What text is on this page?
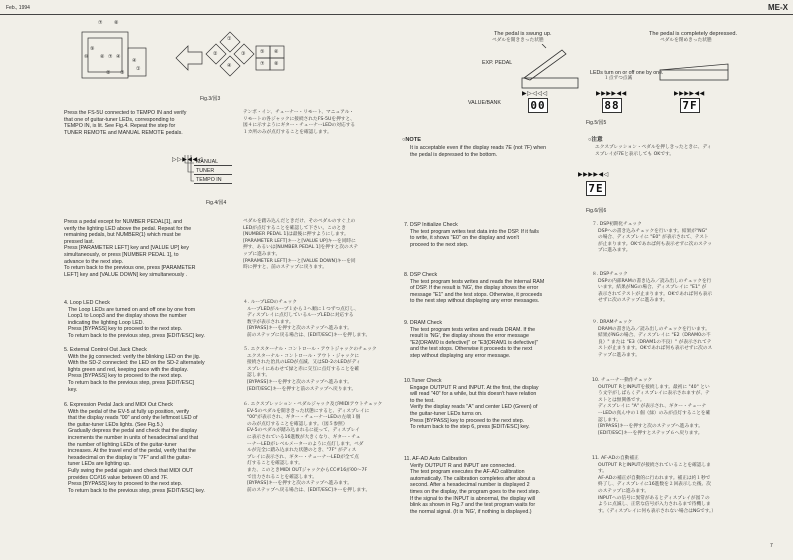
Feb., 1994	ME-X
⑦ ⑧
⑨
⑩ ⑥ ⑦ ④
② ③
④
①
①
②	③
④
⑤ ⑥
⑦ ⑧
Fig.3/図3
Press the FS-5U connected to TEMPO IN and verify
that one of guitar-tuner LEDs, corresponding to
TEMPO IN, is lit. See Fig.4. Repeat the step for
TUNER REMOTE and MANUAL REMOTE pedals.
テンポ・イン、チューナー・リモート、マニュアル・
リモートの各ジャックに接続されたFS-5Uを押すと、
図４に示すようにギター・チューナーLEDの対応する
１カ所のみが点灯することを確認します。
▷▷▶◀◀◁
MANUAL
TUNER
TEMPO IN
Fig.4/図4
The pedal is swung up.
ペダルを開ききった状態
The pedal is completely depressed.
ペダルを閉めきった状態
EXP. PEDAL
LEDs turn on or off one by one.
１点ずつ点滅
▶▷◁◁◁	▶▶▶▶◀◀	▶▶▶▶◀◀
VALUE/BANK	00	88	7F
Fig.5/図5
○NOTE
It is acceptable even if the display reads 7E (not 7F) when
the pedal is depressed to the bottom.
○注意
エクスプレッション・ペダルを押しきったときに、ディ
スプレイが7Eと表示しても OKです。
▶▶▶▶◀◁
7E
Fig.6/図6
Press a pedal except for NUMBER PEDAL[1], and
verify the lighting LED above the pedal. Repeat for the
remaining pedals, but NUMBER(1) which must be
pressed last.
Press [PARAMETER LEFT] key and [VALUE UP] key
simultaneously, or press [NUMBER PEDAL 1], to
advance to the next step.
To return back to the previous one, press [PARAMETER
LEFT] key and [VALUE DOWN] key simultaneously .
ペダルを踏み込んだときだけ、そのペダルのすぐ上の
LEDが点灯することを確認して下さい。このとき
[NUMBER PEDAL 1]は最後に押すようにします。
[PARAMETER LEFT]キーと[VALUE UP]キーを同時に
押す、あるいは[NUMBER PEDAL 1]を押すと次のステ
ップに進みます。
[PARAMETER LEFT]キーと[VALUE DOWN]キーを同
時に押すと、前のステップに戻ります。
4. Loop LED Check
The Loop LEDs are turned on and off one by one from
Loop1 to Loop3 and the display shows the number
indicating the lighting Loop LED.
Press [BYPASS] key to proceed to the next step.
To return back to the previous step, press [EDIT/ESC] key.
４. ループLEDのチェック
ループLEDがループ１から３へ順に１つずつ点灯し、
ディスプレイに点灯しているループLEDに対応する
数字が表示されます。
[BYPASS]キーを押すと次のステップへ進みます。
前のステップに戻る場合は、[EDIT/ESC]キーを押します。
5. External Control Out Jack Check
With the jig connected: verify the blinking LED on the jig.
With the SD-2 connected: the LED on the SD-2 alternately
lights green and red, keeping pace with the display.
Press [BYPASS] key to proceed to the next step.
To return back to the previous step, press [EDIT/ESC]
key.
５. エクスターナル・コントロール・アウトジャックのチェック
エクスターナル・コントロール・アウト・ジャックに
接続された治具のLEDが点滅、又はSD-2のLEDがディ
スプレイにあわせて緑と赤に交互に点灯することを確
認します。
[BYPASS]キーを押すと次のステップへ進みます。
[EDIT/ESC]キーを押すと前のステップへ戻ります。
6. Expression Pedal Jack and MIDI Out Check
With the pedal of the EV-5 at fully up position, verify
that the display reads "00" and only the leftmost LED of
the guitar-tuner LEDs lights. (See Fig.5.)
Gradually depress the pedal and check that the display
increments the number in units of hexadecimal and that
the number of lighting LEDs of the guitar-tuner
increases. At the travel end of the pedal, verify that the
hexadecimal on the display is "7F" and all the guitar-
tuner LEDs are lighting up.
Fully swing the pedal again and check that MIDI OUT
provides CC#16 value between 00 and 7F.
Press [BYPASS] key to proceed to the next step.
To return back to the previous step, press [EDIT/ESC] key.
６. エクスプレッション・ペダルジャック及びMIDIアウトチェック
EV-5のペダルを開ききった状態にすると、ディスプレイに
"00"が表示され、ギター・チューナーLEDの左端１個
のみが点灯することを確認します。（図５参照）
EV-5のペダルが踏み込まれるに従って、ディスプレイ
に表示されている16進数が大きくなり、ギター・チュ
ーナーLEDがレベルメーターのように点灯します。ペダ
ルが完全に踏み込まれた状態のとき、"7F" がディス
プレイに表示され、ギター・チューナーLEDが全て点
灯することを確認します。
また、このときMIDI OUTジャックからCC#16が00〜7F
で出力されることを確認します。
[BYPASS]キーを押すと次のステップへ進みます。
前のステップへ戻る場合は、[EDIT/ESC]キーを押します。
7. DSP Initialize Check
The test program writes test data into the DSP. If it fails
to write, it shows "E0" on the display and won't
proceed to the next step.
７. DSP初期化チェック
DSPへの書き込みチェックを行います。結果が"NG"
の場合、ディスプレイに "E0" が表示されて、テスト
が止まります。OKであれば何も表示せずに次のステッ
プに進みます。
8. DSP Check
The test program tests writes and reads the internal RAM
of DSP. If the result is 'NG', the display shows the error
message "E1" and the test stops. Otherwise, it proceeds
to the next step without displaying any error messages.
８. DSPチェック
DSPの内部RAMの書き込み／読み出しのチェックを行
います。結果がNGの場合、ディスプレイに "E1" が
表示されてテストが止まります。OKであれば何も表示
せずに次のステップに進みます。
9. DRAM Check
The test program tests writes and reads DRAM. If the
result is 'NG', the display shows the error message
"E2(DRAM0 is defective)" or "E3(DRAM1 is defective)"
and the test stops. Otherwise it proceeds to the next
step without displaying any error message.
９. DRAMチェック
DRAMの書き込み／読み出しのチェックを行います。
結果がNGの場合、ディスプレイに "E2（DRAM0の不
良）" または "E3（DRAM1の不良）" が表示されてテ
ストが止まります。OKであれば何も表示せずに次のス
テップに進みます。
10.Tuner Check
Engage OUTPUT R and INPUT. At the first, the display
will read "40" for a while, but this doesn't have relation
to the test.
Verify the display reads "A" and center LED (Green) of
the guitar-tuner LEDs turns on.
Press [BYPASS] key to proceed to the next step.
To return back to the step 6, press [EDIT/ESC] key.
10. チューナー動作チェック
OUTPUT RとINPUTを接続します。最初に "40" とい
う文字がしばらくディスプレイに表示されますが、テ
ストとは無関係です。
ディスプレイに "A" が表示され、ギター・チューナ
ーLEDの真ん中の１個（緑）のみが点灯することを確
認します。
[BYPASS]キーを押すと次のステップへ進みます。
[EDIT/ESC]キーを押すとステップ６へ戻ります。
11. AF-AD Auto Calibration
Verify OUTPUT R and INPUT are connected.
The test program executes the AF-AD calibration
automatically. The calibration completes after about a
second. After a hexadecimal number is displayed 2
times on the display, the program goes to the next step.
If the signal to the INPUT is abnormal, the display will
blink as shown in Fig.7 and the test program waits for
the normal signal. (It is 'NG', if nothing is displayed.)
11. AF-ADの自動補正
OUTPUT RとINPUTが接続されていることを確認しま
す。
AF-ADの補正が自動的に行われます。補正は約１秒で
終了し、ディスプレイに16進数を２回表示した後、次
のステップに進みます。
INPUTへの信号に異常があるとディスプレイが図７の
ように点滅し、正常な信号が入力されるまで待機しま
す。（ディスプレイに何も表示されない場合はNGです。）
7
